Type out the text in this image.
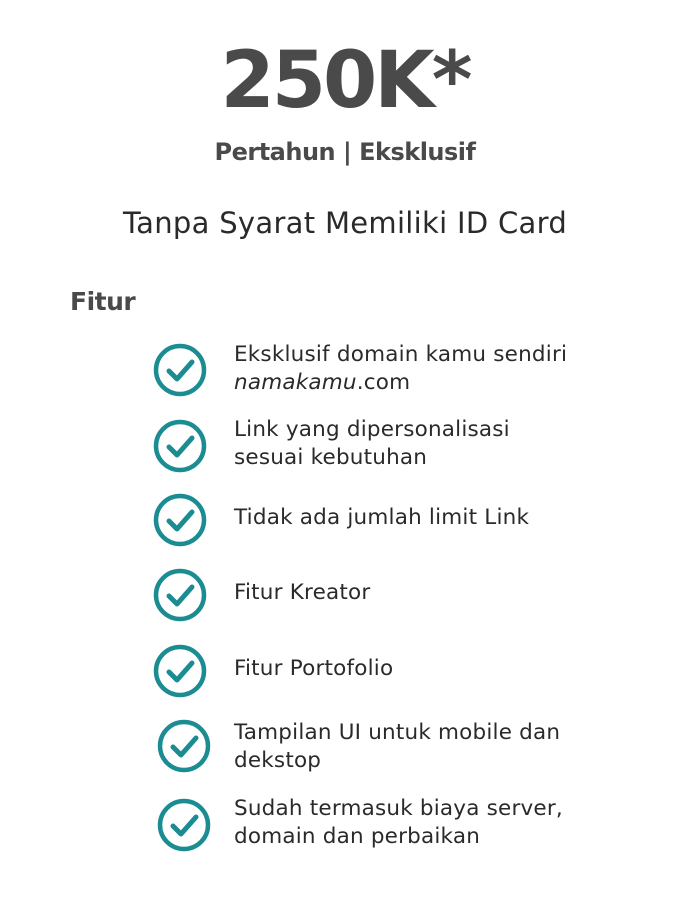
250K*
Pertahun | Eksklusif
Tanpa Syarat Memiliki ID Card
Fitur
Eksklusif domain kamu sendiri
namakamu.com
Link yang dipersonalisasi
sesuai kebutuhan
Tidak ada jumlah limit Link
Fitur Kreator
Fitur Portofolio
Tampilan UI untuk mobile dan
dekstop
Sudah termasuk biaya server,
domain dan perbaikan
